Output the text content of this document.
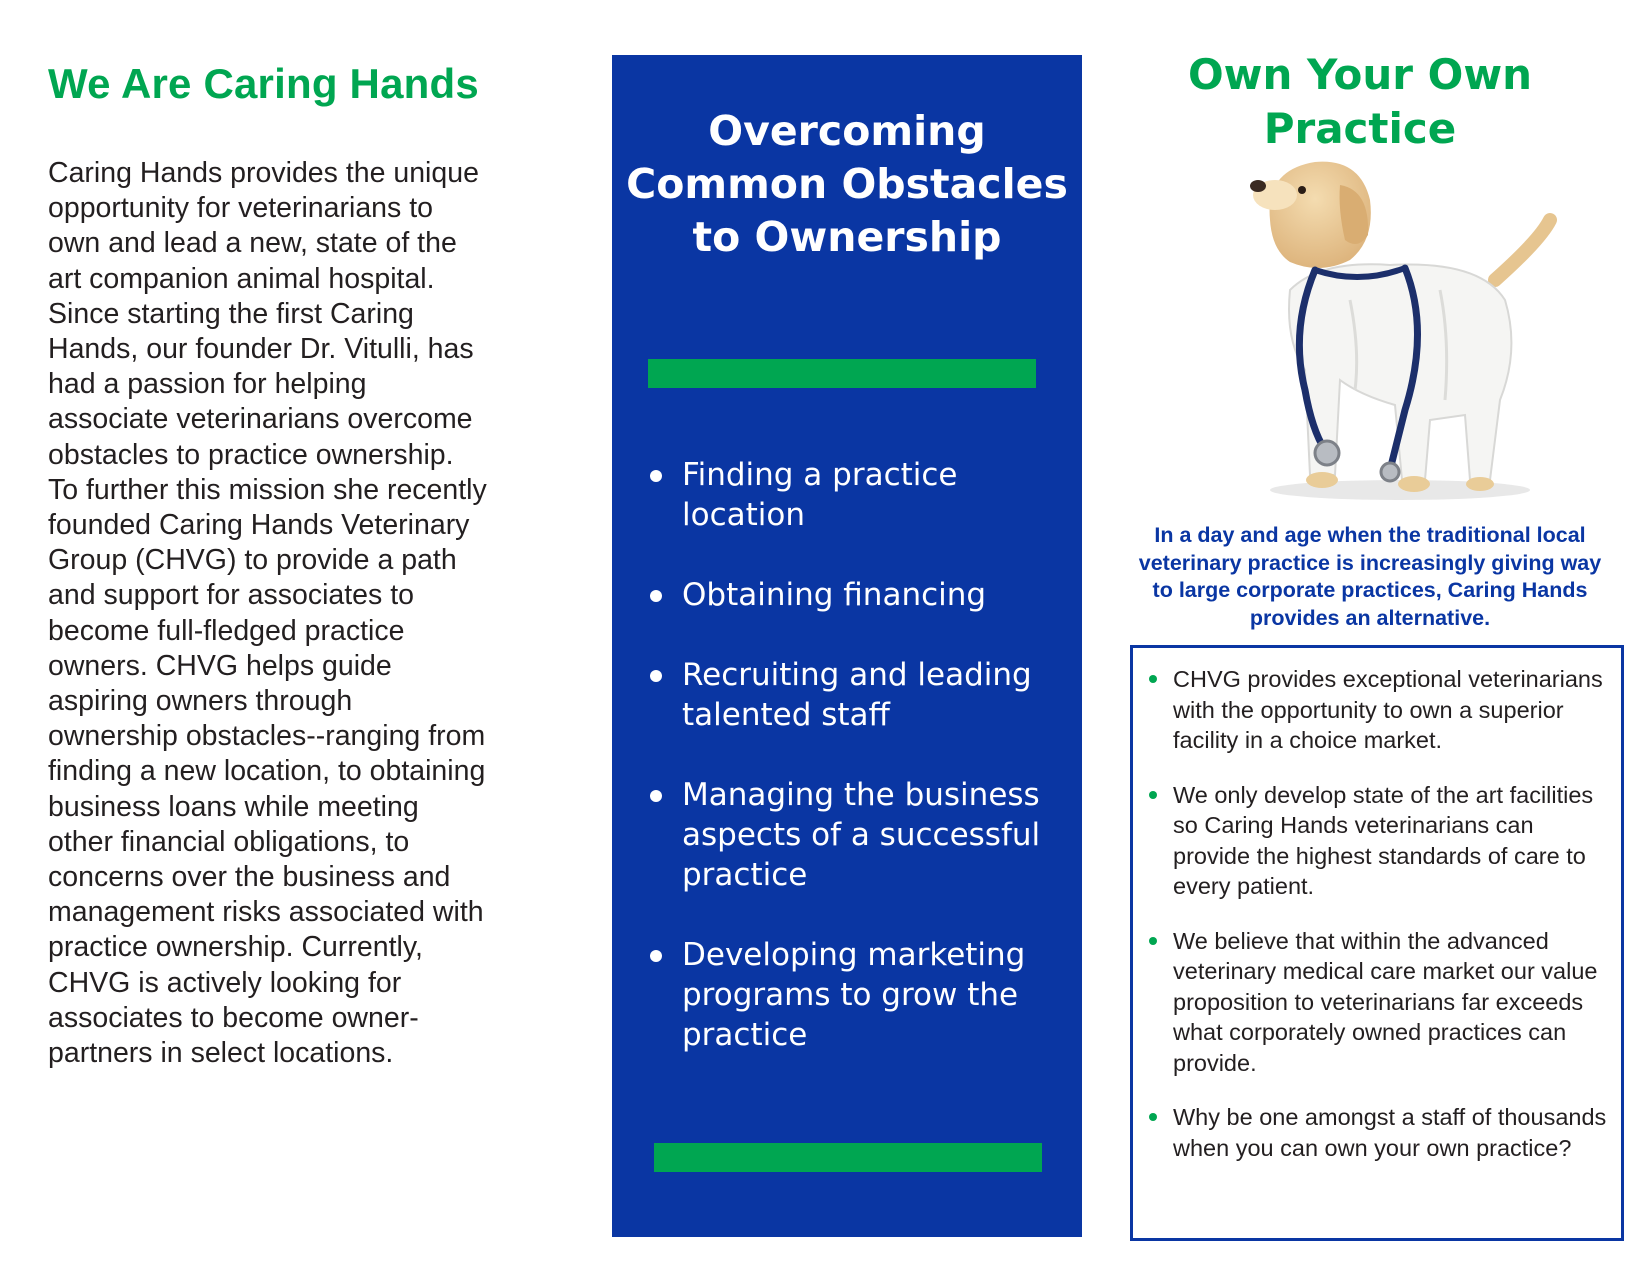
We Are Caring Hands

Caring Hands provides the unique opportunity for veterinarians to own and lead a new, state of the art companion animal hospital. Since starting the first Caring Hands, our founder Dr. Vitulli, has had a passion for helping associate veterinarians overcome obstacles to practice ownership. To further this mission she recently founded Caring Hands Veterinary Group (CHVG) to provide a path and support for associates to become full-fledged practice owners. CHVG helps guide aspiring owners through ownership obstacles--ranging from finding a new location, to obtaining business loans while meeting other financial obligations, to concerns over the business and management risks associated with practice ownership. Currently, CHVG is actively looking for associates to become owner-partners in select locations.

Overcoming Common Obstacles to Ownership
Finding a practice location
Obtaining financing
Recruiting and leading talented staff
Managing the business aspects of a successful practice
Developing marketing programs to grow the practice
Own Your Own Practice

In a day and age when the traditional local veterinary practice is increasingly giving way to large corporate practices, Caring Hands provides an alternative.

CHVG provides exceptional veterinarians with the opportunity to own a superior facility in a choice market.
We only develop state of the art facilities so Caring Hands veterinarians can provide the highest standards of care to every patient.
We believe that within the advanced veterinary medical care market our value proposition to veterinarians far exceeds what corporately owned practices can provide.
Why be one amongst a staff of thousands when you can own your own practice?
